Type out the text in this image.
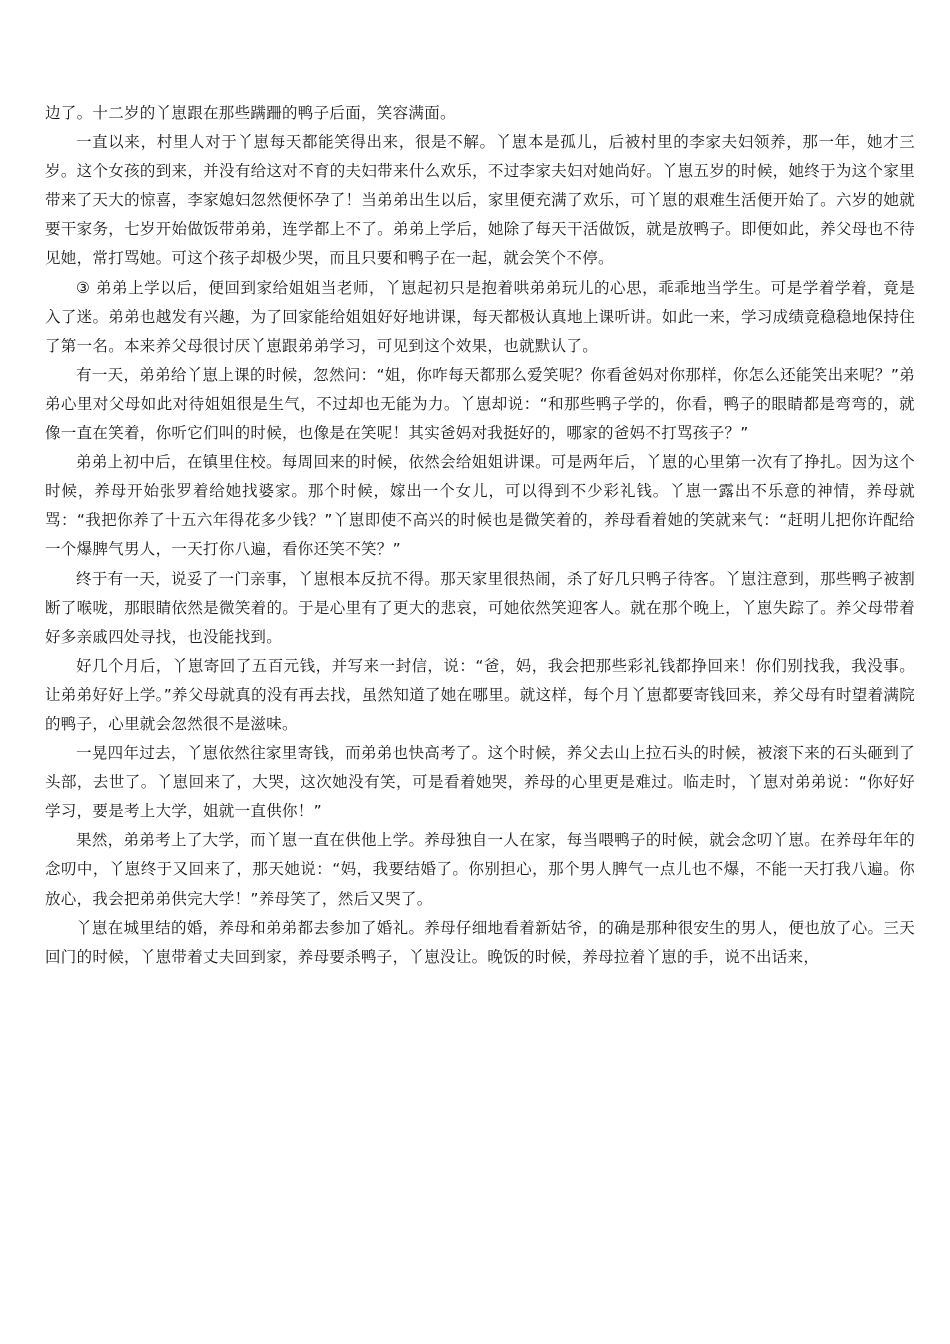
边了。十二岁的丫崽跟在那些蹒跚的鸭子后面，笑容满面。

一直以来，村里人对于丫崽每天都能笑得出来，很是不解。丫崽本是孤儿，后被村里的李家夫妇领养，那一年，她才三岁。这个女孩的到来，并没有给这对不育的夫妇带来什么欢乐，不过李家夫妇对她尚好。丫崽五岁的时候，她终于为这个家里带来了天大的惊喜，李家媳妇忽然便怀孕了！当弟弟出生以后，家里便充满了欢乐，可丫崽的艰难生活便开始了。六岁的她就要干家务，七岁开始做饭带弟弟，连学都上不了。弟弟上学后，她除了每天干活做饭，就是放鸭子。即便如此，养父母也不待见她，常打骂她。可这个孩子却极少哭，而且只要和鸭子在一起，就会笑个不停。

③ 弟弟上学以后，便回到家给姐姐当老师，丫崽起初只是抱着哄弟弟玩儿的心思，乖乖地当学生。可是学着学着，竟是入了迷。弟弟也越发有兴趣，为了回家能给姐姐好好地讲课，每天都极认真地上课听讲。如此一来，学习成绩竟稳稳地保持住了第一名。本来养父母很讨厌丫崽跟弟弟学习，可见到这个效果，也就默认了。

有一天，弟弟给丫崽上课的时候，忽然问：“姐，你咋每天都那么爱笑呢？你看爸妈对你那样，你怎么还能笑出来呢？”弟弟心里对父母如此对待姐姐很是生气，不过却也无能为力。丫崽却说：“和那些鸭子学的，你看，鸭子的眼睛都是弯弯的，就像一直在笑着，你听它们叫的时候，也像是在笑呢！其实爸妈对我挺好的，哪家的爸妈不打骂孩子？”

弟弟上初中后，在镇里住校。每周回来的时候，依然会给姐姐讲课。可是两年后，丫崽的心里第一次有了挣扎。因为这个时候，养母开始张罗着给她找婆家。那个时候，嫁出一个女儿，可以得到不少彩礼钱。丫崽一露出不乐意的神情，养母就骂：“我把你养了十五六年得花多少钱？”丫崽即使不高兴的时候也是微笑着的，养母看着她的笑就来气：“赶明儿把你许配给一个爆脾气男人，一天打你八遍，看你还笑不笑？”

终于有一天，说妥了一门亲事，丫崽根本反抗不得。那天家里很热闹，杀了好几只鸭子待客。丫崽注意到，那些鸭子被割断了喉咙，那眼睛依然是微笑着的。于是心里有了更大的悲哀，可她依然笑迎客人。就在那个晚上，丫崽失踪了。养父母带着好多亲戚四处寻找，也没能找到。

好几个月后，丫崽寄回了五百元钱，并写来一封信，说：“爸，妈，我会把那些彩礼钱都挣回来！你们别找我，我没事。让弟弟好好上学。”养父母就真的没有再去找，虽然知道了她在哪里。就这样，每个月丫崽都要寄钱回来，养父母有时望着满院的鸭子，心里就会忽然很不是滋味。

一晃四年过去，丫崽依然往家里寄钱，而弟弟也快高考了。这个时候，养父去山上拉石头的时候，被滚下来的石头砸到了头部，去世了。丫崽回来了，大哭，这次她没有笑，可是看着她哭，养母的心里更是难过。临走时，丫崽对弟弟说：“你好好学习，要是考上大学，姐就一直供你！”

果然，弟弟考上了大学，而丫崽一直在供他上学。养母独自一人在家，每当喂鸭子的时候，就会念叨丫崽。在养母年年的念叨中，丫崽终于又回来了，那天她说：“妈，我要结婚了。你别担心，那个男人脾气一点儿也不爆，不能一天打我八遍。你放心，我会把弟弟供完大学！”养母笑了，然后又哭了。

丫崽在城里结的婚，养母和弟弟都去参加了婚礼。养母仔细地看着新姑爷，的确是那种很安生的男人，便也放了心。三天回门的时候，丫崽带着丈夫回到家，养母要杀鸭子，丫崽没让。晚饭的时候，养母拉着丫崽的手，说不出话来，
